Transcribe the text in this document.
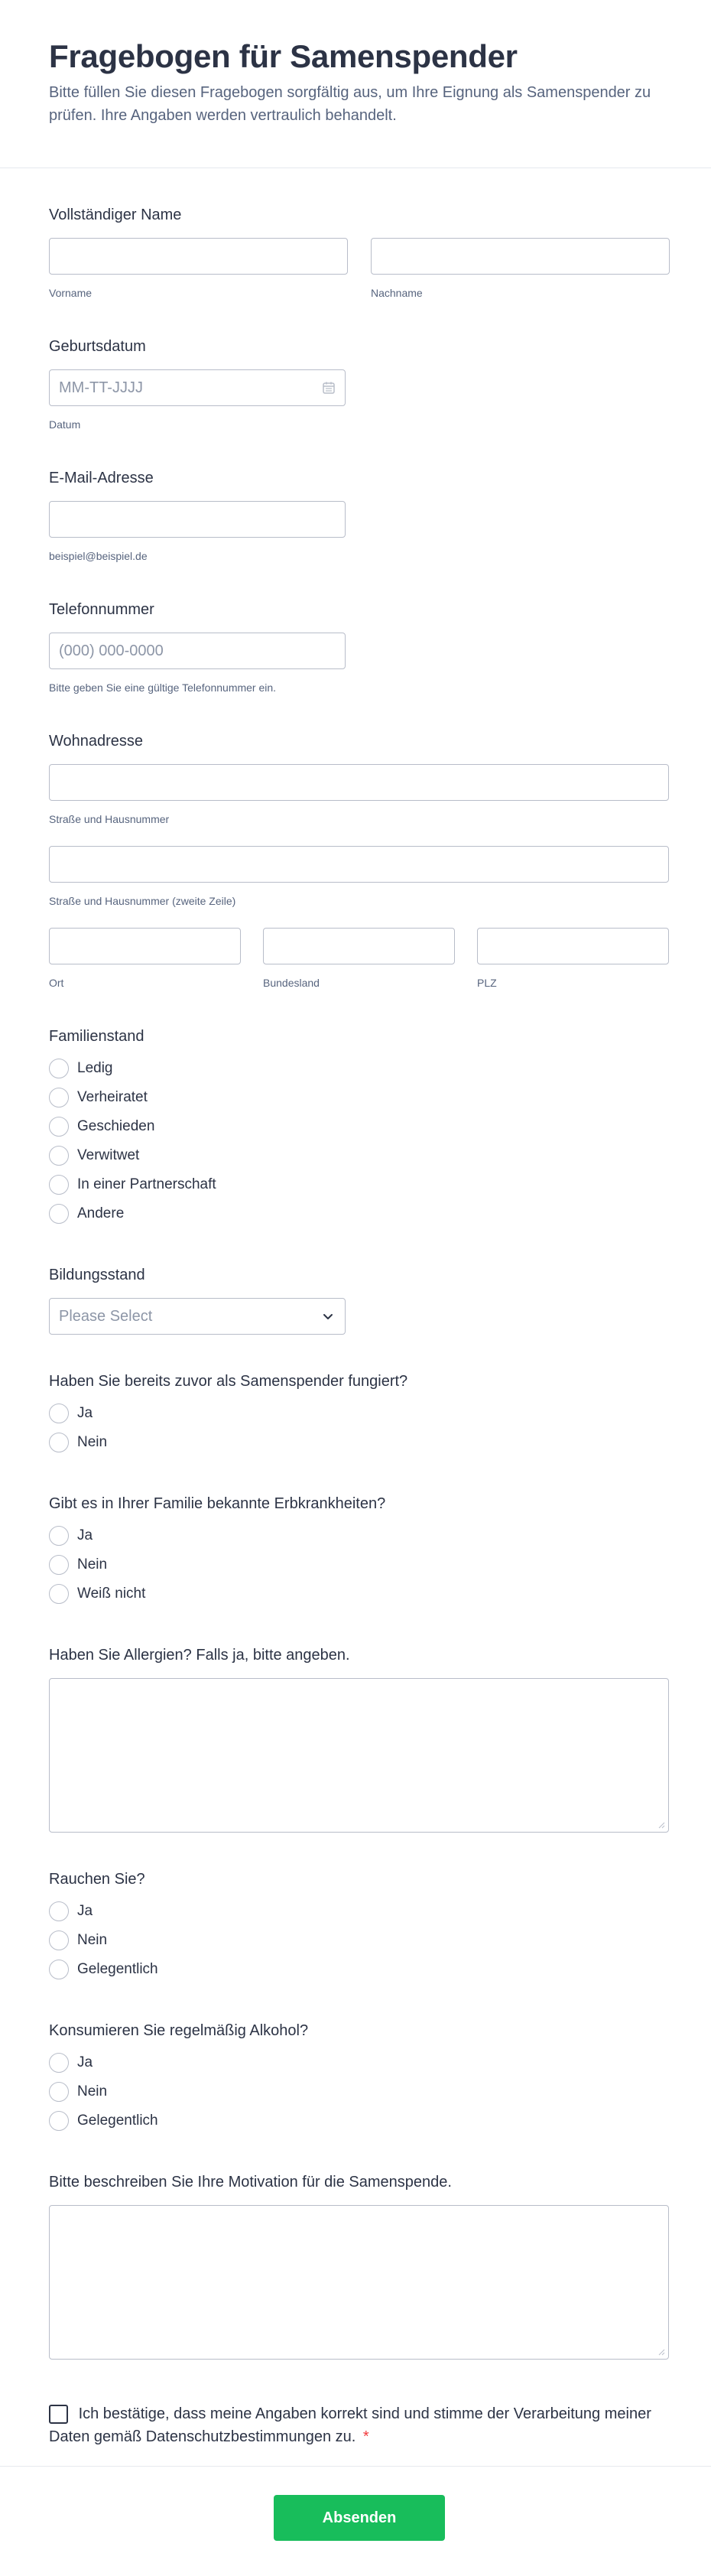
Fragebogen für Samenspender
Bitte füllen Sie diesen Fragebogen sorgfältig aus, um Ihre Eignung als Samenspender zu prüfen. Ihre Angaben werden vertraulich behandelt.
Vollständiger Name
Vorname	Nachname
Geburtsdatum
MM-TT-JJJJ
Datum
E-Mail-Adresse
beispiel@beispiel.de
Telefonnummer
(000) 000-0000
Bitte geben Sie eine gültige Telefonnummer ein.
Wohnadresse
Straße und Hausnummer
Straße und Hausnummer (zweite Zeile)
Ort	Bundesland	PLZ
Familienstand
Ledig
Verheiratet
Geschieden
Verwitwet
In einer Partnerschaft
Andere
Bildungsstand
Please Select
Haben Sie bereits zuvor als Samenspender fungiert?
Ja
Nein
Gibt es in Ihrer Familie bekannte Erbkrankheiten?
Ja
Nein
Weiß nicht
Haben Sie Allergien? Falls ja, bitte angeben.
Rauchen Sie?
Ja
Nein
Gelegentlich
Konsumieren Sie regelmäßig Alkohol?
Ja
Nein
Gelegentlich
Bitte beschreiben Sie Ihre Motivation für die Samenspende.
Ich bestätige, dass meine Angaben korrekt sind und stimme der Verarbeitung meiner Daten gemäß Datenschutzbestimmungen zu. *
Absenden
